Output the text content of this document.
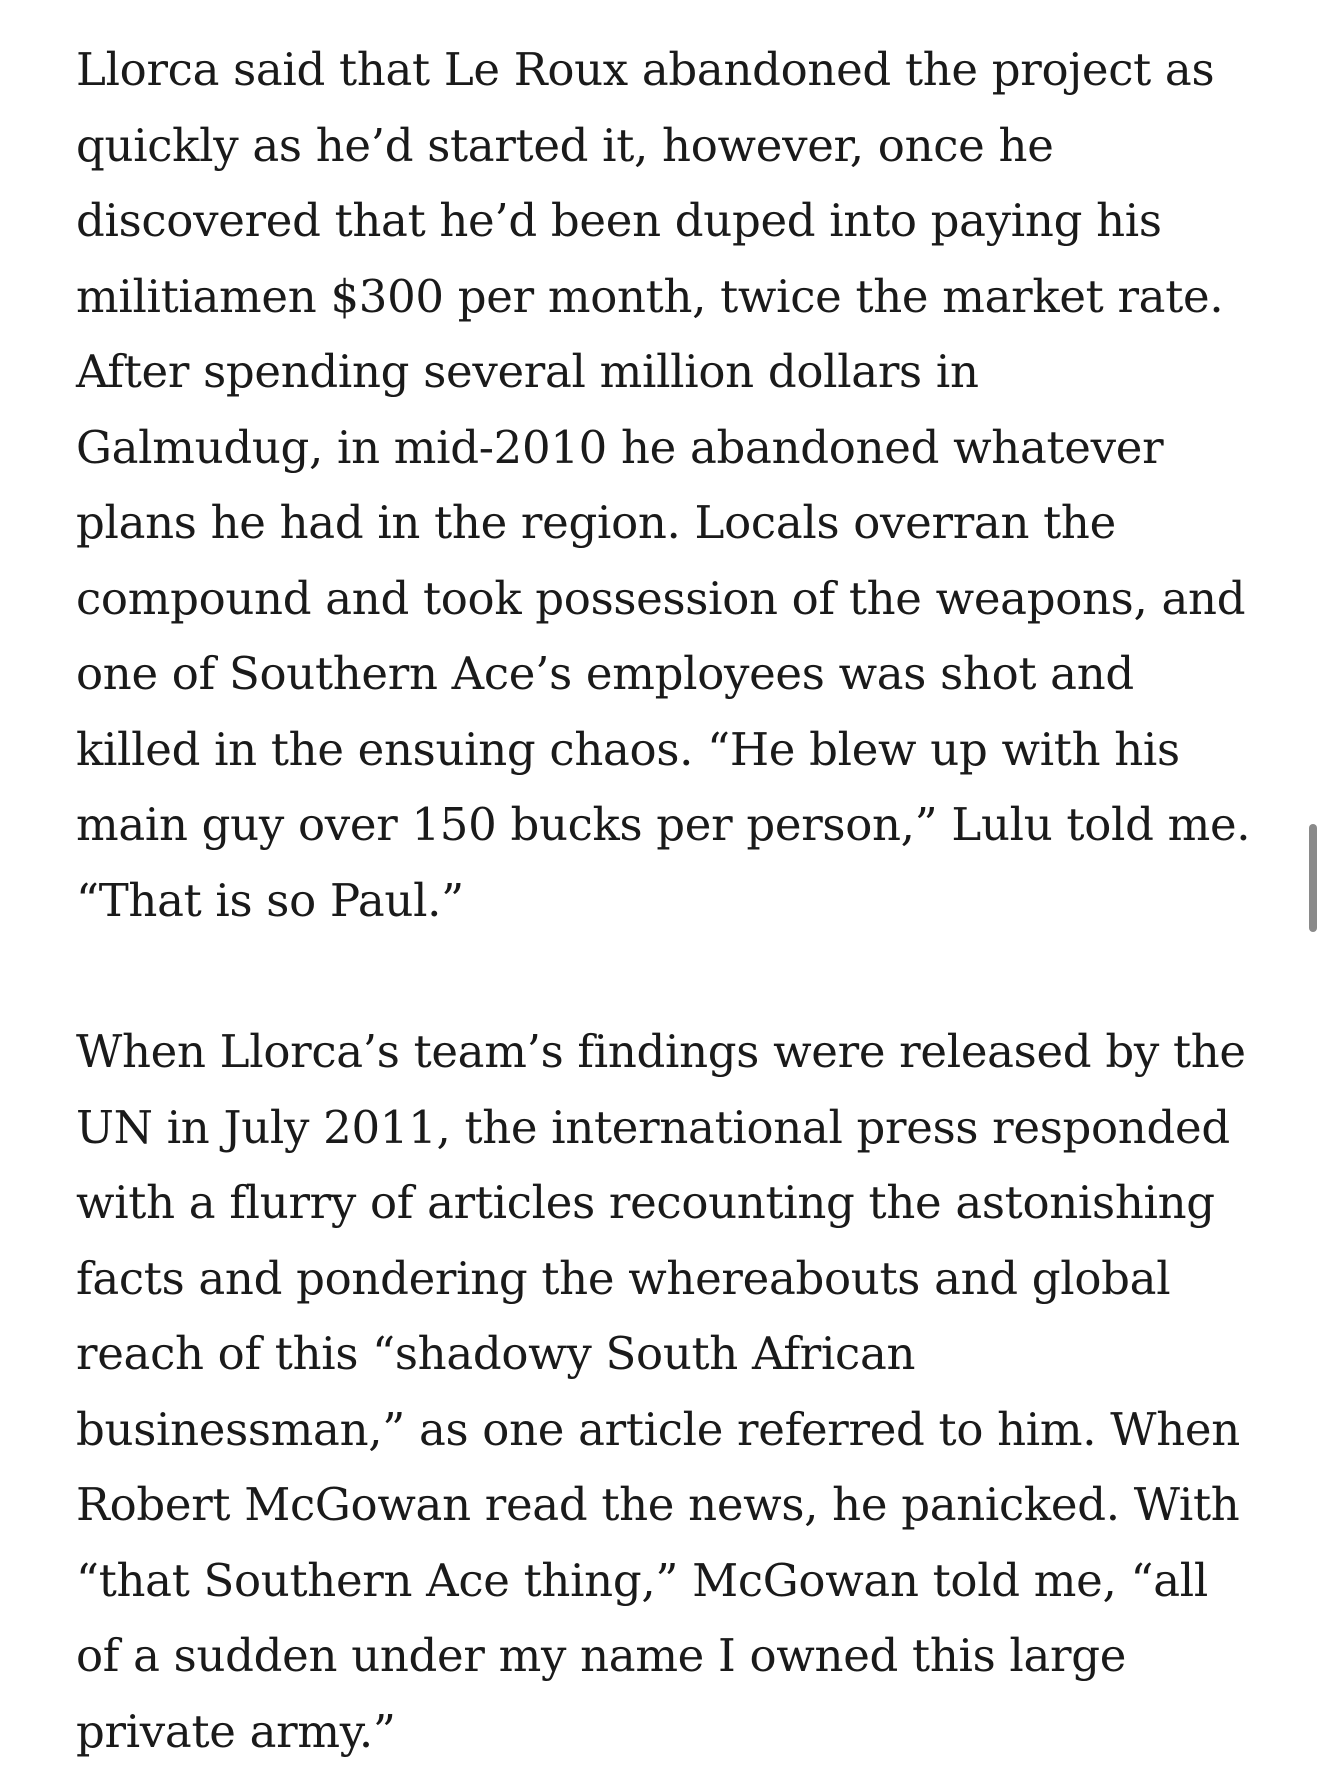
Llorca said that Le Roux abandoned the project as
quickly as he’d started it, however, once he
discovered that he’d been duped into paying his
militiamen $300 per month, twice the market rate.
After spending several million dollars in
Galmudug, in mid-2010 he abandoned whatever
plans he had in the region. Locals overran the
compound and took possession of the weapons, and
one of Southern Ace’s employees was shot and
killed in the ensuing chaos. “He blew up with his
main guy over 150 bucks per person,” Lulu told me.
“That is so Paul.”

When Llorca’s team’s findings were released by the
UN in July 2011, the international press responded
with a flurry of articles recounting the astonishing
facts and pondering the whereabouts and global
reach of this “shadowy South African
businessman,” as one article referred to him. When
Robert McGowan read the news, he panicked. With
“that Southern Ace thing,” McGowan told me, “all
of a sudden under my name I owned this large
private army.”
